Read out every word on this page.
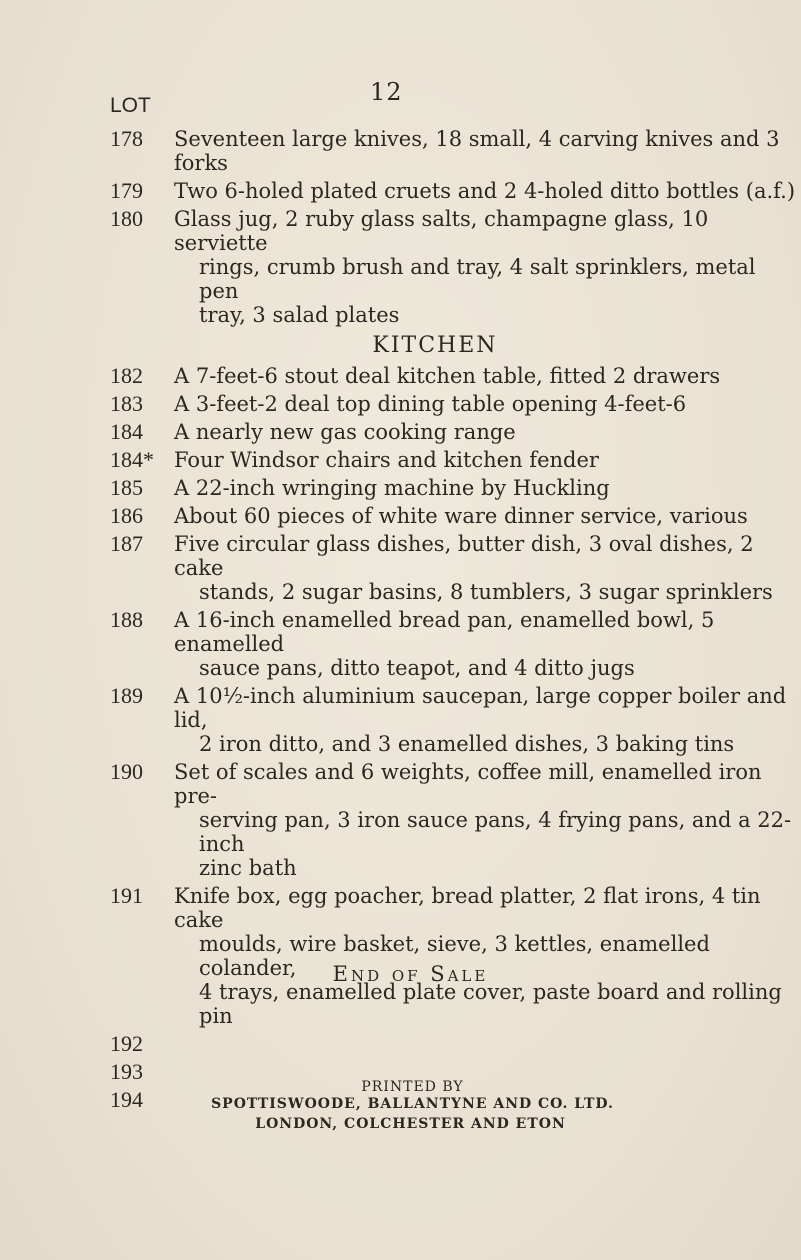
12
LOT
178	Seventeen large knives, 18 small, 4 carving knives and 3 forks
179	Two 6-holed plated cruets and 2 4-holed ditto bottles (a.f.)
180	Glass jug, 2 ruby glass salts, champagne glass, 10 serviette
rings, crumb brush and tray, 4 salt sprinklers, metal pen
tray, 3 salad plates
KITCHEN
182	A 7-feet-6 stout deal kitchen table, fitted 2 drawers
183	A 3-feet-2 deal top dining table opening 4-feet-6
184	A nearly new gas cooking range
184* Four Windsor chairs and kitchen fender
185	A 22-inch wringing machine by Huckling
186	About 60 pieces of white ware dinner service, various
187	Five circular glass dishes, butter dish, 3 oval dishes, 2 cake
stands, 2 sugar basins, 8 tumblers, 3 sugar sprinklers
188	A 16-inch enamelled bread pan, enamelled bowl, 5 enamelled
sauce pans, ditto teapot, and 4 ditto jugs
189	A 10½-inch aluminium saucepan, large copper boiler and lid,
2 iron ditto, and 3 enamelled dishes, 3 baking tins
190	Set of scales and 6 weights, coffee mill, enamelled iron pre-
serving pan, 3 iron sauce pans, 4 frying pans, and a 22-inch
zinc bath
191	Knife box, egg poacher, bread platter, 2 flat irons, 4 tin cake
moulds, wire basket, sieve, 3 kettles, enamelled colander,
4 trays, enamelled plate cover, paste board and rolling
pin
192

193

194

End of Sale
PRINTED BY
SPOTTISWOODE, BALLANTYNE AND CO. LTD.
LONDON, COLCHESTER AND ETON
